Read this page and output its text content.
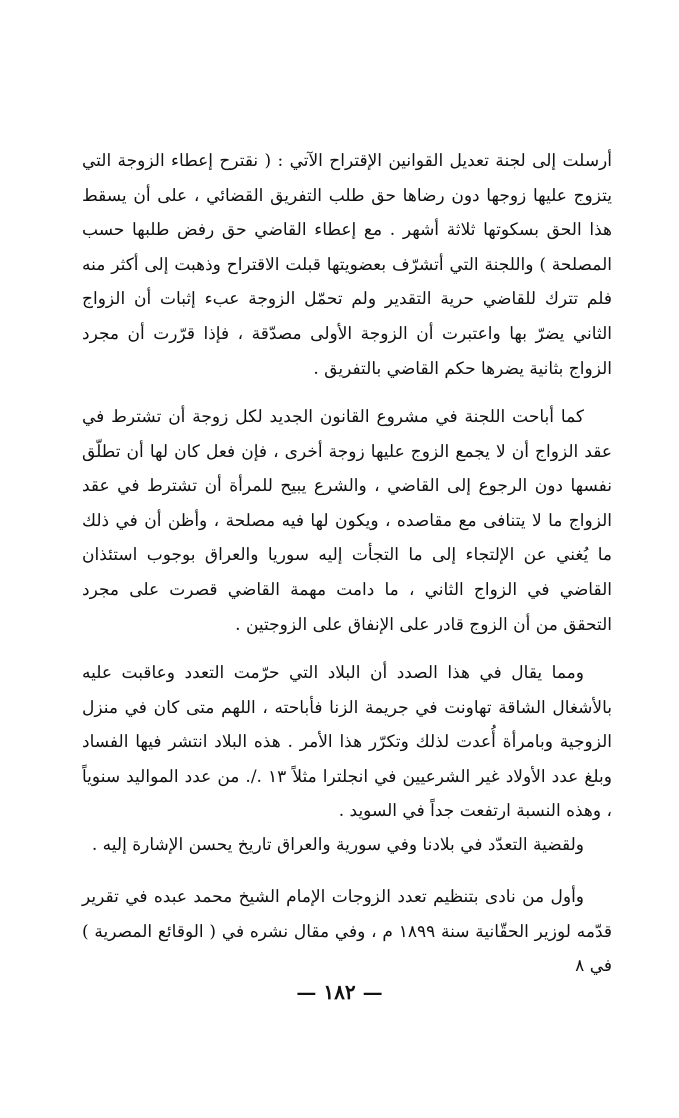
أرسلت إلى لجنة تعديل القوانين الإقتراح الآتي : ( نقترح إعطاء الزوجة التي يتزوج عليها زوجها دون رضاها حق طلب التفريق القضائي ، على أن يسقط هذا الحق بسكوتها ثلاثة أشهر . مع إعطاء القاضي حق رفض طلبها حسب المصلحة ) واللجنة التي أتشرّف بعضويتها قبلت الاقتراح وذهبت إلى أكثر منه فلم تترك للقاضي حرية التقدير ولم تحمّل الزوجة عبء إثبات أن الزواج الثاني يضرّ بها واعتبرت أن الزوجة الأولى مصدّقة ، فإذا قرّرت أن مجرد الزواج بثانية يضرها حكم القاضي بالتفريق .

كما أباحت اللجنة في مشروع القانون الجديد لكل زوجة أن تشترط في عقد الزواج أن لا يجمع الزوج عليها زوجة أخرى ، فإن فعل كان لها أن تطلّق نفسها دون الرجوع إلى القاضي ، والشرع يبيح للمرأة أن تشترط في عقد الزواج ما لا يتنافى مع مقاصده ، ويكون لها فيه مصلحة ، وأظن أن في ذلك ما يُغني عن الإلتجاء إلى ما التجأت إليه سوريا والعراق بوجوب استئذان القاضي في الزواج الثاني ، ما دامت مهمة القاضي قصرت على مجرد التحقق من أن الزوج قادر على الإنفاق على الزوجتين .

ومما يقال في هذا الصدد أن البلاد التي حرّمت التعدد وعاقبت عليه بالأشغال الشاقة تهاونت في جريمة الزنا فأباحته ، اللهم متى كان في منزل الزوجية وبامرأة أُعدت لذلك وتكرّر هذا الأمر . هذه البلاد انتشر فيها الفساد وبلغ عدد الأولاد غير الشرعيين في انجلترا مثلاً ١٣ ./. من عدد المواليد سنوياً ، وهذه النسبة ارتفعت جداً في السويد .

ولقضية التعدّد في بلادنا وفي سورية والعراق تاريخ يحسن الإشارة إليه .

وأول من نادى بتنظيم تعدد الزوجات الإمام الشيخ محمد عبده في تقرير قدّمه لوزير الحقّانية سنة ١٨٩٩ م ، وفي مقال نشره في ( الوقائع المصرية ) في ٨

— ١٨٢ —
